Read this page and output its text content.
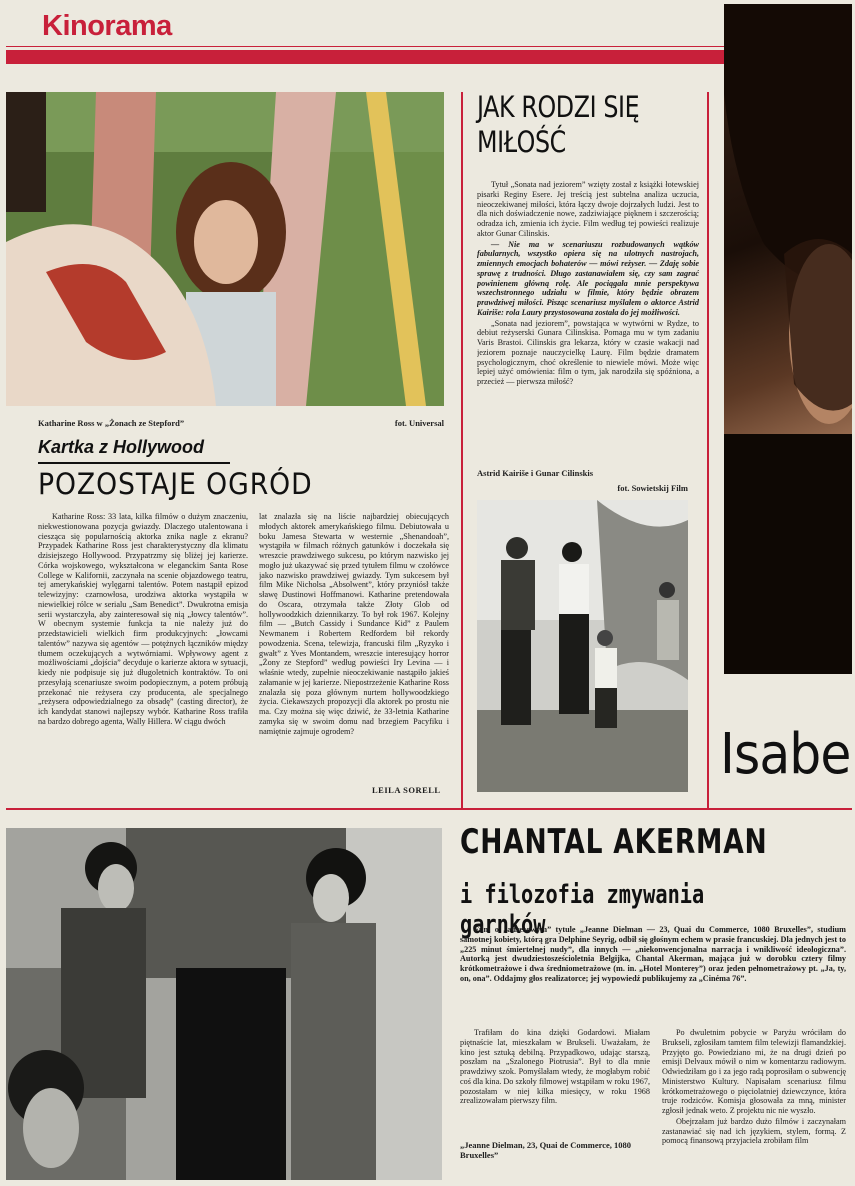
Kinorama
Isabe
Katharine Ross w „Żonach ze Stepford”	fot. Universal
Kartka z Hollywood
POZOSTAJE OGRÓD

Katharine Ross: 33 lata, kilka filmów o dużym znaczeniu, niekwestionowana pozycja gwiazdy. Dlaczego utalentowana i ciesząca się popularnością aktorka znika nagle z ekranu? Przypadek Katharine Ross jest charakterystyczny dla klimatu dzisiejszego Hollywood. Przypatrzmy się bliżej jej karierze. Córka wojskowego, wykształcona w eleganckim Santa Rose College w Kalifornii, zaczynała na scenie objazdowego teatru, tej amerykańskiej wylęgarni talentów. Potem nastąpił epizod telewizyjny: czarnowłosa, urodziwa aktorka wystąpiła w niewielkiej rólce w serialu „Sam Benedict”. Dwukrotna emisja serii wystarczyła, aby zainteresował się nią „łowcy talentów”. W obecnym systemie funkcja ta nie należy już do przedstawicieli wielkich firm produkcyjnych: „łowcami talentów” nazywa się agentów — potężnych łączników między tłumem oczekujących a wytwórniami. Wpływowy agent z możliwościami „dojścia” decyduje o karierze aktora w sytuacji, kiedy nie podpisuje się już długoletnich kontraktów. To oni przesyłają scenariusze swoim podopiecznym, a potem próbują przekonać nie reżysera czy producenta, ale specjalnego „reżysera odpowiedzialnego za obsadę” (casting director), że ich kandydat stanowi najlepszy wybór. Katharine Ross trafiła na bardzo dobrego agenta, Wally Hillera. W ciągu dwóch

lat znalazła się na liście najbardziej obiecujących młodych aktorek amerykańskiego filmu. Debiutowała u boku Jamesa Stewarta w westernie „Shenandoah”, wystąpiła w filmach różnych gatunków i doczekała się wreszcie prawdziwego sukcesu, po którym nazwisko jej mogło już ukazywać się przed tytułem filmu w czołówce jako nazwisko prawdziwej gwiazdy. Tym sukcesem był film Mike Nicholsa „Absolwent”, który przyniósł także sławę Dustinowi Hoffmanowi. Katharine pretendowała do Oscara, otrzymała także Złoty Glob od hollywoodzkich dziennikarzy. To był rok 1967. Kolejny film — „Butch Cassidy i Sundance Kid” z Paulem Newmanem i Robertem Redfordem bił rekordy powodzenia. Scena, telewizja, francuski film „Ryzyko i gwałt” z Yves Montandem, wreszcie interesujący horror „Żony ze Stepford” według powieści Iry Levina — i właśnie wtedy, zupełnie nieoczekiwanie nastąpiło jakieś załamanie w jej karierze. Niepostrzeżenie Katharine Ross znalazła się poza głównym nurtem hollywoodzkiego życia. Ciekawszych propozycji dla aktorek po prostu nie ma. Czy można się więc dziwić, że 33-letnia Katharine zamyka się w swoim domu nad brzegiem Pacyfiku i namiętnie zajmuje ogrodem?

LEILA SORELL
JAK RODZI SIĘ
MIŁOŚĆ

Tytuł „Sonata nad jeziorem” wzięty został z książki łotewskiej pisarki Reginy Esere. Jej treścią jest subtelna analiza uczucia, nieoczekiwanej miłości, która łączy dwoje dojrzałych ludzi. Jest to dla nich doświadczenie nowe, zadziwiające pięknem i szczerością; odradza ich, zmienia ich życie. Film według tej powieści realizuje aktor Gunar Cilinskis.

— Nie ma w scenariuszu rozbudowanych wątków fabularnych, wszystko opiera się na ulotnych nastrojach, zmiennych emocjach bohaterów — mówi reżyser. — Zdaję sobie sprawę z trudności. Długo zastanawiałem się, czy sam zagrać powinienem główną rolę. Ale pociągała mnie perspektywa wszechstronnego udziału w filmie, który będzie obrazem prawdziwej miłości. Pisząc scenariusz myślałem o aktorce Astrid Kairiše: rola Laury przystosowana została do jej możliwości.

„Sonata nad jeziorem”, powstająca w wytwórni w Rydze, to debiut reżyserski Gunara Cilinskisa. Pomaga mu w tym zadaniu Varis Brastoi. Cilinskis gra lekarza, który w czasie wakacji nad jeziorem poznaje nauczycielkę Laurę. Film będzie dramatem psychologicznym, choć określenie to niewiele mówi. Może więc lepiej użyć omówienia: film o tym, jak narodziła się spóźniona, a przecież — pierwsza miłość?

Astrid Kairiše i Gunar Cilinskis
fot. Sowietskij Film
CHANTAL AKERMAN
i filozofia zmywania garnków
Film o „adresowym” tytule „Jeanne Dielman — 23, Quai du Commerce, 1080 Bruxelles”, studium samotnej kobiety, którą gra Delphine Seyrig, odbił się głośnym echem w prasie francuskiej. Dla jednych jest to „225 minut śmiertelnej nudy”, dla innych — „niekonwencjonalna narracja i wnikliwość ideologiczna”. Autorką jest dwudziestosześcioletnia Belgijka, Chantal Akerman, mająca już w dorobku cztery filmy krótkometrażowe i dwa średniometrażowe (m. in. „Hotel Monterey”) oraz jeden pełnometrażowy pt. „Ja, ty, on, ona”. Oddajmy głos realizatorce; jej wypowiedź publikujemy za „Cinéma 76”.

Trafiłam do kina dzięki Godardowi. Miałam piętnaście lat, mieszkałam w Brukseli. Uważałam, że kino jest sztuką debilną. Przypadkowo, udając starszą, poszłam na „Szalonego Piotrusia”. Był to dla mnie prawdziwy szok. Pomyślałam wtedy, że mogłabym robić coś dla kina. Do szkoły filmowej wstąpiłam w roku 1967, pozostałam w niej kilka miesięcy, w roku 1968 zrealizowałam pierwszy film.

„Jeanne Dielman, 23, Quai de Commerce, 1080 Bruxelles”

Po dwuletnim pobycie w Paryżu wróciłam do Brukseli, zgłosiłam tamtem film telewizji flamandzkiej. Przyjęto go. Powiedziano mi, że na drugi dzień po emisji Delvaux mówił o nim w komentarzu radiowym. Odwiedziłam go i za jego radą poprosiłam o subwencję Ministerstwo Kultury. Napisałam scenariusz filmu krótkometrażowego o pięciolatniej dziewczynce, która truje rodziców. Komisja głosowała za mną, minister zgłosił jednak weto. Z projektu nic nie wyszło.

Obejrzałam już bardzo dużo filmów i zaczynałam zastanawiać się nad ich językiem, stylem, formą. Z pomocą finansową przyjaciela zrobiłam film
